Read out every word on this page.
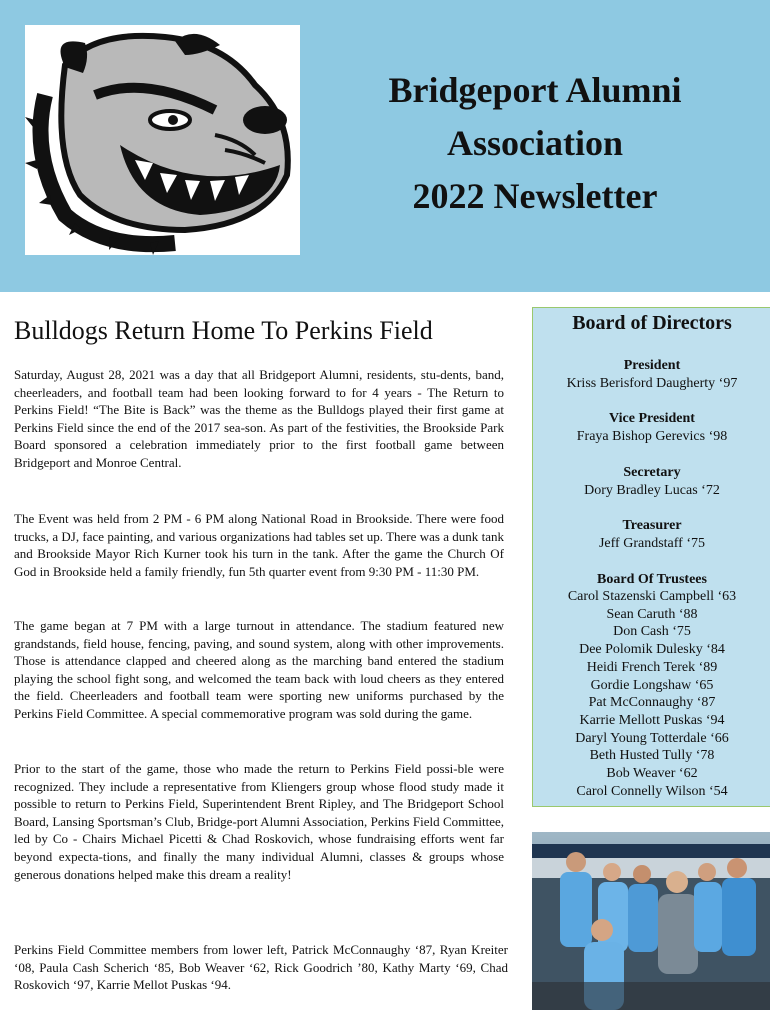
Bridgeport Alumni
Association
2022 Newsletter
Bulldogs Return Home To Perkins Field

Saturday, August 28, 2021 was a day that all Bridgeport Alumni, residents, stu-dents, band, cheerleaders, and football team had been looking forward to for 4 years - The Return to Perkins Field! “The Bite is Back” was the theme as the Bulldogs played their first game at Perkins Field since the end of the 2017 sea-son. As part of the festivities, the Brookside Park Board sponsored a celebration immediately prior to the first football game between Bridgeport and Monroe Central.

The Event was held from 2 PM - 6 PM along National Road in Brookside. There were food trucks, a DJ, face painting, and various organizations had tables set up. There was a dunk tank and Brookside Mayor Rich Kurner took his turn in the tank. After the game the Church Of God in Brookside held a family friendly, fun 5th quarter event from 9:30 PM - 11:30 PM.

The game began at 7 PM with a large turnout in attendance. The stadium featured new grandstands, field house, fencing, paving, and sound system, along with other improvements. Those is attendance clapped and cheered along as the marching band entered the stadium playing the school fight song, and welcomed the team back with loud cheers as they entered the field. Cheerleaders and football team were sporting new uniforms purchased by the Perkins Field Committee. A special commemorative program was sold during the game.

Prior to the start of the game, those who made the return to Perkins Field possi-ble were recognized. They include a representative from Kliengers group whose flood study made it possible to return to Perkins Field, Superintendent Brent Ripley, and The Bridgeport School Board, Lansing Sportsman’s Club, Bridge-port Alumni Association, Perkins Field Committee, led by Co - Chairs Michael Picetti & Chad Roskovich, whose fundraising efforts went far beyond expecta-tions, and finally the many individual Alumni, classes & groups whose generous donations helped make this dream a reality!

Perkins Field Committee members from lower left, Patrick McConnaughy ‘87, Ryan Kreiter ‘08, Paula Cash Scherich ‘85, Bob Weaver ‘62, Rick Goodrich ’80, Kathy Marty ‘69, Chad Roskovich ‘97, Karrie Mellot Puskas ‘94.

Board of Directors
President
Kriss Berisford Daugherty ‘97
Vice President
Fraya Bishop Gerevics ‘98
Secretary
Dory Bradley Lucas ‘72
Treasurer
Jeff Grandstaff ‘75
Board Of Trustees
Carol Stazenski Campbell ‘63
Sean Caruth ‘88
Don Cash ‘75
Dee Polomik Dulesky ‘84
Heidi French Terek ‘89
Gordie Longshaw ‘65
Pat McConnaughy ‘87
Karrie Mellott Puskas ‘94
Daryl Young Totterdale ‘66
Beth Husted Tully ‘78
Bob Weaver ‘62
Carol Connelly Wilson ‘54
